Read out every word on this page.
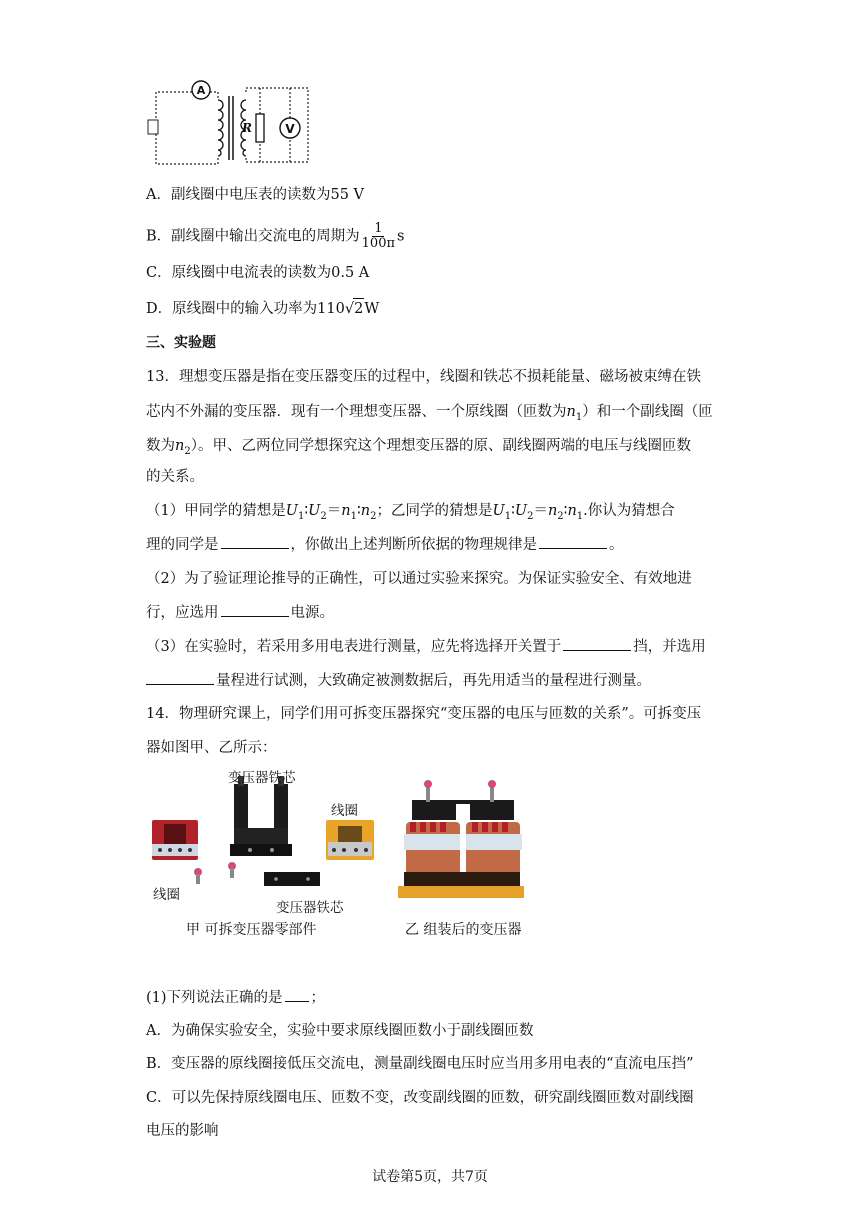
A
R	V
A．副线圈中电压表的读数为55 V
B．副线圈中输出交流电的周期为 $\frac{1}{100\pi}$ s
C．原线圈中电流表的读数为0.5 A
D．原线圈中的输入功率为110√2W
三、实验题
13．理想变压器是指在变压器变压的过程中，线圈和铁芯不损耗能量、磁场被束缚在铁
芯内不外漏的变压器．现有一个理想变压器、一个原线圈（匝数为$n_1$）和一个副线圈（匝
数为$n_2$）。甲、乙两位同学想探究这个理想变压器的原、副线圈两端的电压与线圈匝数
的关系。
（1）甲同学的猜想是$U_1∶U_2=n_1∶n_2$；乙同学的猜想是$U_1∶U_2=n_2∶n_1$.你认为猜想合
理的同学是	，你做出上述判断所依据的物理规律是	。
（2）为了验证理论推导的正确性，可以通过实验来探究。为保证实验安全、有效地进
行，应选用	电源。
（3）在实验时，若采用多用电表进行测量，应先将选择开关置于	挡，并选用
量程进行试测，大致确定被测数据后，再先用适当的量程进行测量。
14．物理研究课上，同学们用可拆变压器探究“变压器的电压与匝数的关系”。可拆变压
器如图甲、乙所示：
变压器铁芯
线圈
线圈
变压器铁芯
甲 可拆变压器零部件	乙 组装后的变压器
(1)下列说法正确的是 ；
A．为确保实验安全，实验中要求原线圈匝数小于副线圈匝数
B．变压器的原线圈接低压交流电，测量副线圈电压时应当用多用电表的“直流电压挡”
C．可以先保持原线圈电压、匝数不变，改变副线圈的匝数，研究副线圈匝数对副线圈
电压的影响
试卷第5页，共7页
